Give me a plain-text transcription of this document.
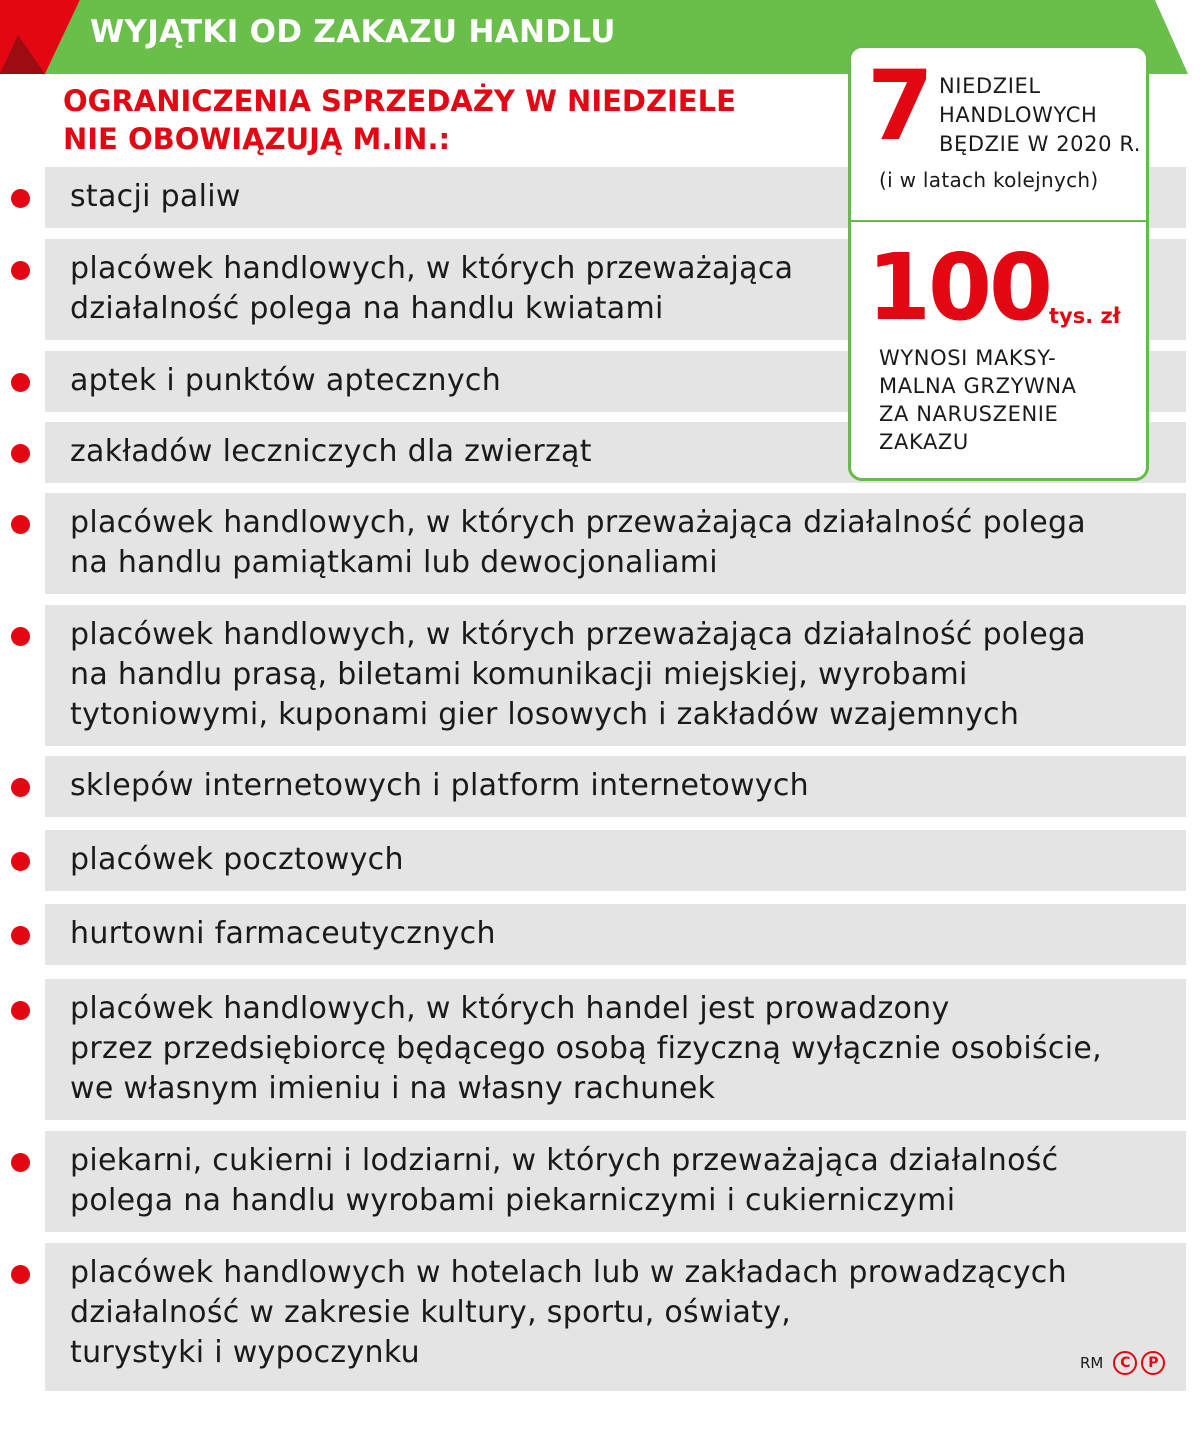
WYJĄTKI OD ZAKAZU HANDLU
OGRANICZENIA SPRZEDAŻY W NIEDZIELE
NIE OBOWIĄZUJĄ M.IN.:
stacji paliw
placówek handlowych, w których przeważająca
działalność polega na handlu kwiatami
aptek i punktów aptecznych
zakładów leczniczych dla zwierząt
placówek handlowych, w których przeważająca działalność polega
na handlu pamiątkami lub dewocjonaliami
placówek handlowych, w których przeważająca działalność polega
na handlu prasą, biletami komunikacji miejskiej, wyrobami
tytoniowymi, kuponami gier losowych i zakładów wzajemnych
sklepów internetowych i platform internetowych
placówek pocztowych
hurtowni farmaceutycznych
placówek handlowych, w których handel jest prowadzony
przez przedsiębiorcę będącego osobą fizyczną wyłącznie osobiście,
we własnym imieniu i na własny rachunek
piekarni, cukierni i lodziarni, w których przeważająca działalność
polega na handlu wyrobami piekarniczymi i cukierniczymi
placówek handlowych w hotelach lub w zakładach prowadzących
działalność w zakresie kultury, sportu, oświaty,
turystyki i wypoczynku
7 NIEDZIEL
HANDLOWYCH
BĘDZIE W 2020 R.
(i w latach kolejnych)
100
tys. zł
WYNOSI MAKSY-
MALNA GRZYWNA
ZA NARUSZENIE
ZAKAZU
RM	C	P
